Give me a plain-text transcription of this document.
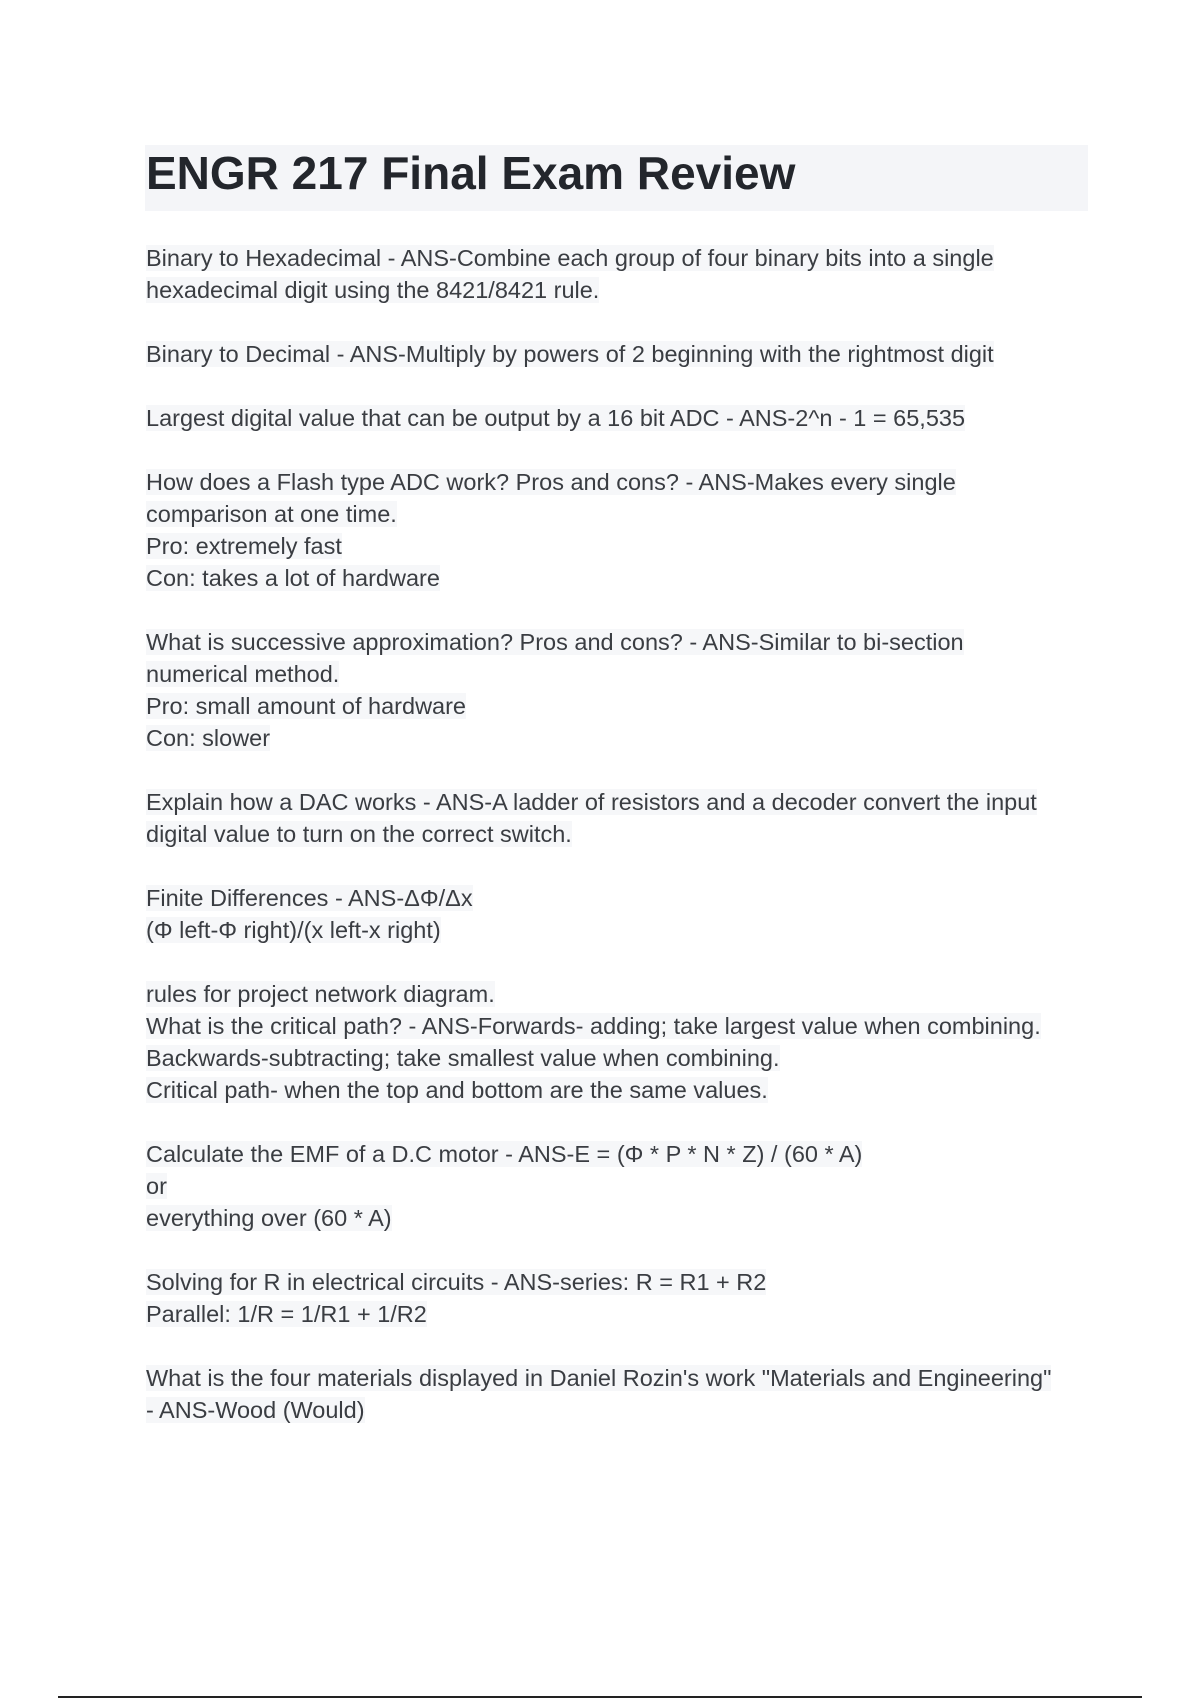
ENGR 217 Final Exam Review
Binary to Hexadecimal - ANS-Combine each group of four binary bits into a single
hexadecimal digit using the 8421/8421 rule.
Binary to Decimal - ANS-Multiply by powers of 2 beginning with the rightmost digit
Largest digital value that can be output by a 16 bit ADC - ANS-2^n - 1 = 65,535
How does a Flash type ADC work? Pros and cons? - ANS-Makes every single
comparison at one time.
Pro: extremely fast
Con: takes a lot of hardware
What is successive approximation? Pros and cons? - ANS-Similar to bi-section
numerical method.
Pro: small amount of hardware
Con: slower
Explain how a DAC works - ANS-A ladder of resistors and a decoder convert the input
digital value to turn on the correct switch.
Finite Differences - ANS-ΔΦ/Δx
(Φ left-Φ right)/(x left-x right)
rules for project network diagram.
What is the critical path? - ANS-Forwards- adding; take largest value when combining.
Backwards-subtracting; take smallest value when combining.
Critical path- when the top and bottom are the same values.
Calculate the EMF of a D.C motor - ANS-E = (Φ * P * N * Z) / (60 * A)
or
everything over (60 * A)
Solving for R in electrical circuits - ANS-series: R = R1 + R2
Parallel: 1/R = 1/R1 + 1/R2
What is the four materials displayed in Daniel Rozin's work "Materials and Engineering"
- ANS-Wood (Would)
